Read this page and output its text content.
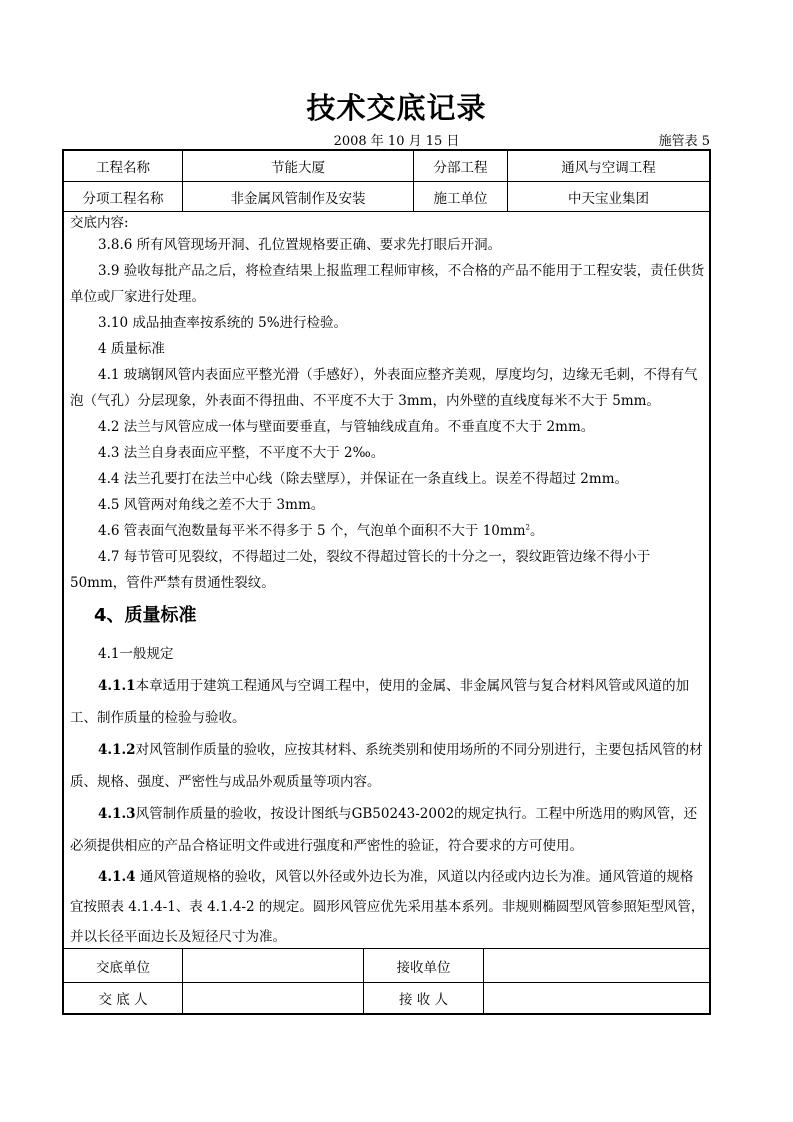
技术交底记录
2008 年 10 月 15 日	施管表 5
工程名称	节能大厦	分部工程	通风与空调工程
分项工程名称	非金属风管制作及安装	施工单位	中天宝业集团

交底内容:

3.8.6 所有风管现场开洞、孔位置规格要正确、要求先打眼后开洞。

3.9 验收每批产品之后，将检查结果上报监理工程师审核，不合格的产品不能用于工程安装，责任供货单位或厂家进行处理。

3.10 成品抽查率按系统的 5%进行检验。

4 质量标准

4.1 玻璃钢风管内表面应平整光滑（手感好），外表面应整齐美观，厚度均匀，边缘无毛刺，不得有气泡（气孔）分层现象，外表面不得扭曲、不平度不大于 3mm，内外壁的直线度每米不大于 5mm。

4.2 法兰与风管应成一体与壁面要垂直，与管轴线成直角。不垂直度不大于 2mm。

4.3 法兰自身表面应平整，不平度不大于 2‰。

4.4 法兰孔要打在法兰中心线（除去壁厚），并保证在一条直线上。误差不得超过 2mm。

4.5 风管两对角线之差不大于 3mm。

4.6 管表面气泡数量每平米不得多于 5 个，气泡单个面积不大于 $10mm^2$。

4.7 每节管可见裂纹，不得超过二处，裂纹不得超过管长的十分之一，裂纹距管边缘不得小于 50mm，管件严禁有贯通性裂纹。

4、质量标准

4.1一般规定

4.1.1本章适用于建筑工程通风与空调工程中，使用的金属、非金属风管与复合材料风管或风道的加工、制作质量的检验与验收。

4.1.2对风管制作质量的验收，应按其材料、系统类别和使用场所的不同分别进行，主要包括风管的材质、规格、强度、严密性与成品外观质量等项内容。

4.1.3风管制作质量的验收，按设计图纸与GB50243-2002的规定执行。工程中所选用的购风管，还必须提供相应的产品合格证明文件或进行强度和严密性的验证，符合要求的方可使用。

4.1.4 通风管道规格的验收，风管以外径或外边长为准，风道以内径或内边长为准。通风管道的规格宜按照表 4.1.4-1、表 4.1.4-2 的规定。圆形风管应优先采用基本系列。非规则椭圆型风管参照矩型风管，并以长径平面边长及短径尺寸为准。

交底单位	接收单位
交 底 人	接 收 人
